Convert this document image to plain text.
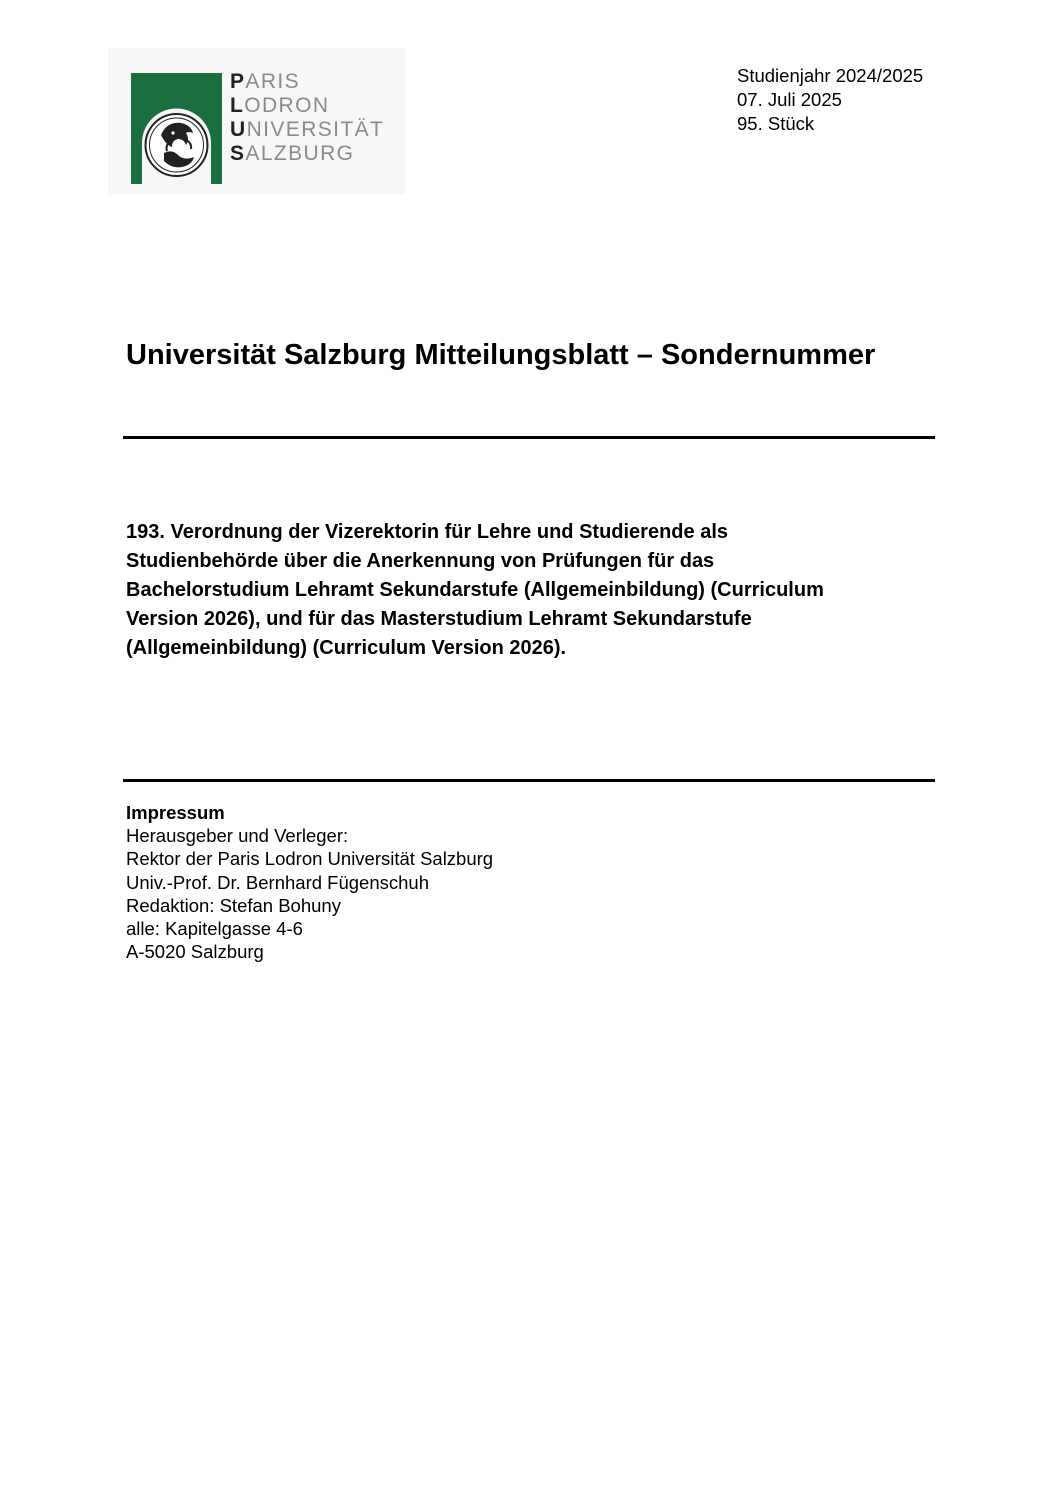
PARIS
LODRON
UNIVERSITÄT
SALZBURG
Studienjahr 2024/2025
07. Juli 2025
95. Stück
Universität Salzburg Mitteilungsblatt – Sondernummer

193. Verordnung der Vizerektorin für Lehre und Studierende als
Studienbehörde über die Anerkennung von Prüfungen für das
Bachelorstudium Lehramt Sekundarstufe (Allgemeinbildung) (Curriculum
Version 2026), und für das Masterstudium Lehramt Sekundarstufe
(Allgemeinbildung) (Curriculum Version 2026).

Impressum
Herausgeber und Verleger:
Rektor der Paris Lodron Universität Salzburg
Univ.-Prof. Dr. Bernhard Fügenschuh
Redaktion: Stefan Bohuny
alle: Kapitelgasse 4-6
A-5020 Salzburg
